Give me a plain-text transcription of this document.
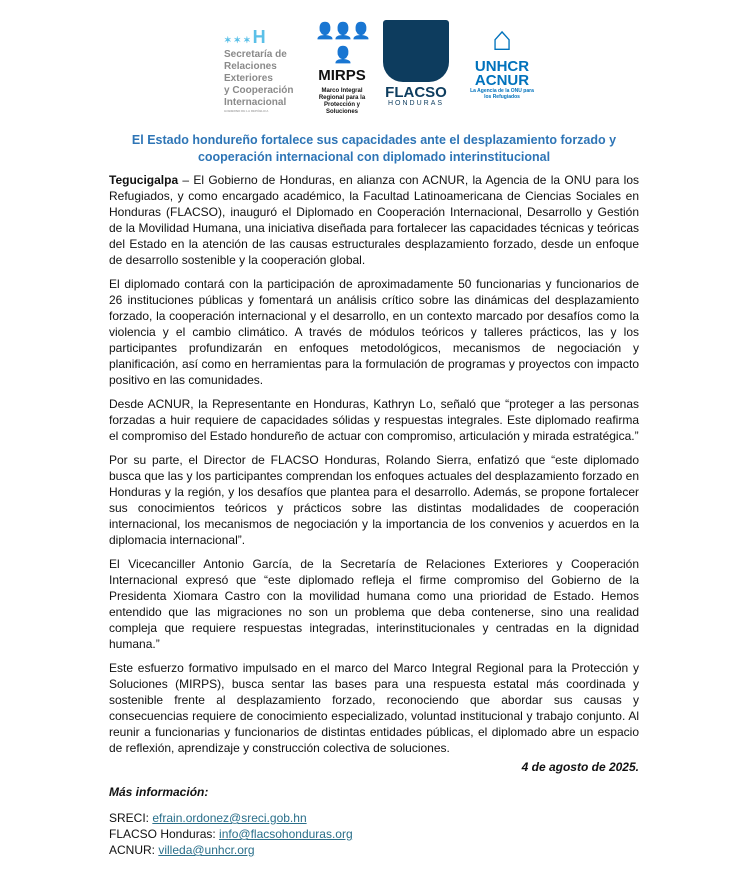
✶✶✶H
Secretaría de
Relaciones
Exteriores
y Cooperación
Internacional
GOBIERNO DE LA REPÚBLICA
👤👤👤👤
MIRPS
Marco Integral Regional para la Protección y Soluciones
FLACSO
HONDURAS
⌂
UNHCR
ACNUR
La Agencia de la ONU para los Refugiados
El Estado hondureño fortalece sus capacidades ante el desplazamiento forzado y cooperación internacional con diplomado interinstitucional

Tegucigalpa – El Gobierno de Honduras, en alianza con ACNUR, la Agencia de la ONU para los Refugiados, y como encargado académico, la Facultad Latinoamericana de Ciencias Sociales en Honduras (FLACSO), inauguró el Diplomado en Cooperación Internacional, Desarrollo y Gestión de la Movilidad Humana, una iniciativa diseñada para fortalecer las capacidades técnicas y teóricas del Estado en la atención de las causas estructurales desplazamiento forzado, desde un enfoque de desarrollo sostenible y la cooperación global.

El diplomado contará con la participación de aproximadamente 50 funcionarias y funcionarios de 26 instituciones públicas y fomentará un análisis crítico sobre las dinámicas del desplazamiento forzado, la cooperación internacional y el desarrollo, en un contexto marcado por desafíos como la violencia y el cambio climático. A través de módulos teóricos y talleres prácticos, las y los participantes profundizarán en enfoques metodológicos, mecanismos de negociación y planificación, así como en herramientas para la formulación de programas y proyectos con impacto positivo en las comunidades.

Desde ACNUR, la Representante en Honduras, Kathryn Lo, señaló que “proteger a las personas forzadas a huir requiere de capacidades sólidas y respuestas integrales. Este diplomado reafirma el compromiso del Estado hondureño de actuar con compromiso, articulación y mirada estratégica.”

Por su parte, el Director de FLACSO Honduras, Rolando Sierra, enfatizó que “este diplomado busca que las y los participantes comprendan los enfoques actuales del desplazamiento forzado en Honduras y la región, y los desafíos que plantea para el desarrollo. Además, se propone fortalecer sus conocimientos teóricos y prácticos sobre las distintas modalidades de cooperación internacional, los mecanismos de negociación y la importancia de los convenios y acuerdos en la diplomacia internacional”.

El Vicecanciller Antonio García, de la Secretaría de Relaciones Exteriores y Cooperación Internacional expresó que “este diplomado refleja el firme compromiso del Gobierno de la Presidenta Xiomara Castro con la movilidad humana como una prioridad de Estado. Hemos entendido que las migraciones no son un problema que deba contenerse, sino una realidad compleja que requiere respuestas integradas, interinstitucionales y centradas en la dignidad humana.”

Este esfuerzo formativo impulsado en el marco del Marco Integral Regional para la Protección y Soluciones (MIRPS), busca sentar las bases para una respuesta estatal más coordinada y sostenible frente al desplazamiento forzado, reconociendo que abordar sus causas y consecuencias requiere de conocimiento especializado, voluntad institucional y trabajo conjunto. Al reunir a funcionarias y funcionarios de distintas entidades públicas, el diplomado abre un espacio de reflexión, aprendizaje y construcción colectiva de soluciones.

4 de agosto de 2025.
Más información:

SRECI: efrain.ordonez@sreci.gob.hn

FLACSO Honduras: info@flacsohonduras.org

ACNUR: villeda@unhcr.org
